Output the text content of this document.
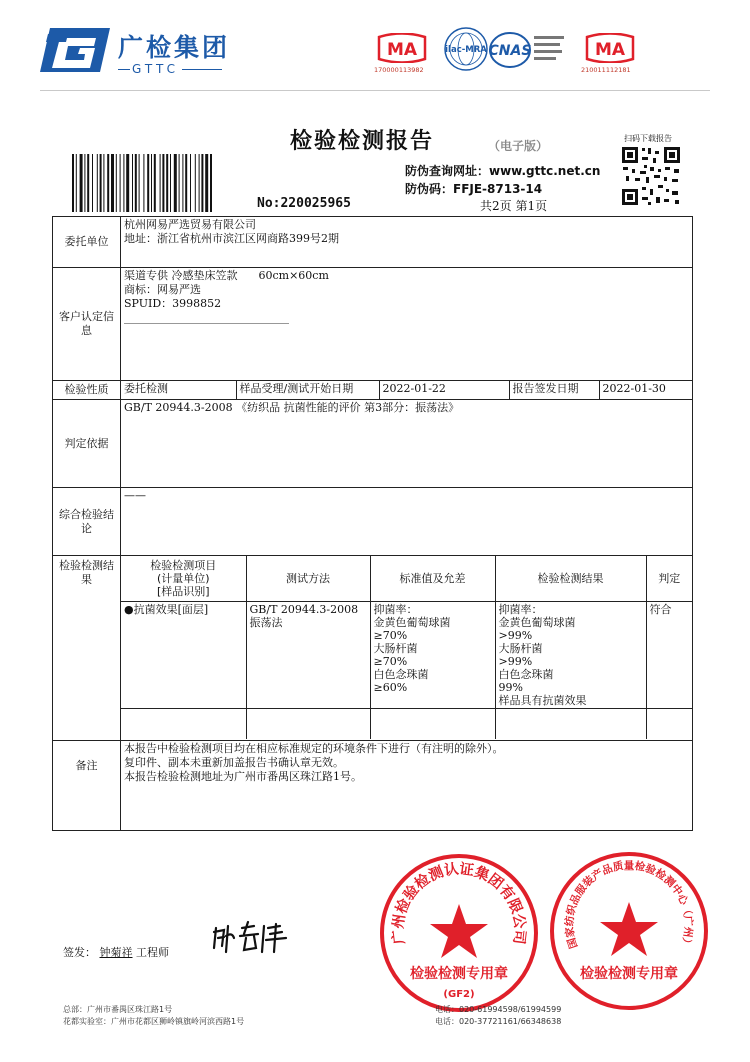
广检集团
GTTC
MA
170000113982
ilac-MRA CNAS	MA
210011112181
检验检测报告	（电子版）
防伪查询网址：www.gttc.net.cn
防伪码：FFJE-8713-14
扫码下载报告
No:220025965	共2页 第1页
委托单位	
杭州网易严选贸易有限公司
地址：浙江省杭州市滨江区网商路399号2期

客户认定信息	
渠道专供 冷感垫床笠款      60cm×60cm
商标：网易严选
SPUID：3998852
______________________________

检验性质	委托检测	样品受理/测试开始日期	2022-01-22	报告签发日期	2022-01-30

判定依据	GB/T 20944.3-2008 《纺织品 抗菌性能的评价 第3部分：振荡法》
综合检验结论	——
检验检测结果	
检验检测项目
(计量单位)
[样品识别]	测试方法	标准值及允差	检验检测结果	判定
●抗菌效果[面层]	GB/T 20944.3-2008
振荡法	抑菌率：
金黄色葡萄球菌
≥70%
大肠杆菌
≥70%
白色念珠菌
≥60%	抑菌率：
金黄色葡萄球菌
>99%
大肠杆菌
>99%
白色念珠菌
99%
样品具有抗菌效果	符合

备注	
本报告中检验检测项目均在相应标准规定的环境条件下进行（有注明的除外）。
复印件、副本未重新加盖报告书确认章无效。
本报告检验检测地址为广州市番禺区珠江路1号。
签发： 钟菊祥 工程师
广州检验检测认证集团有限公司
检验检测专用章
(GF2)
国家纺织品服装产品质量检验检测中心（广州）
检验检测专用章
总部：广州市番禺区珠江路1号
花都实验室：广州市花都区狮岭镇旗岭河滨西路1号
电话：020-61994598/61994599
电话：020-37721161/66348638
